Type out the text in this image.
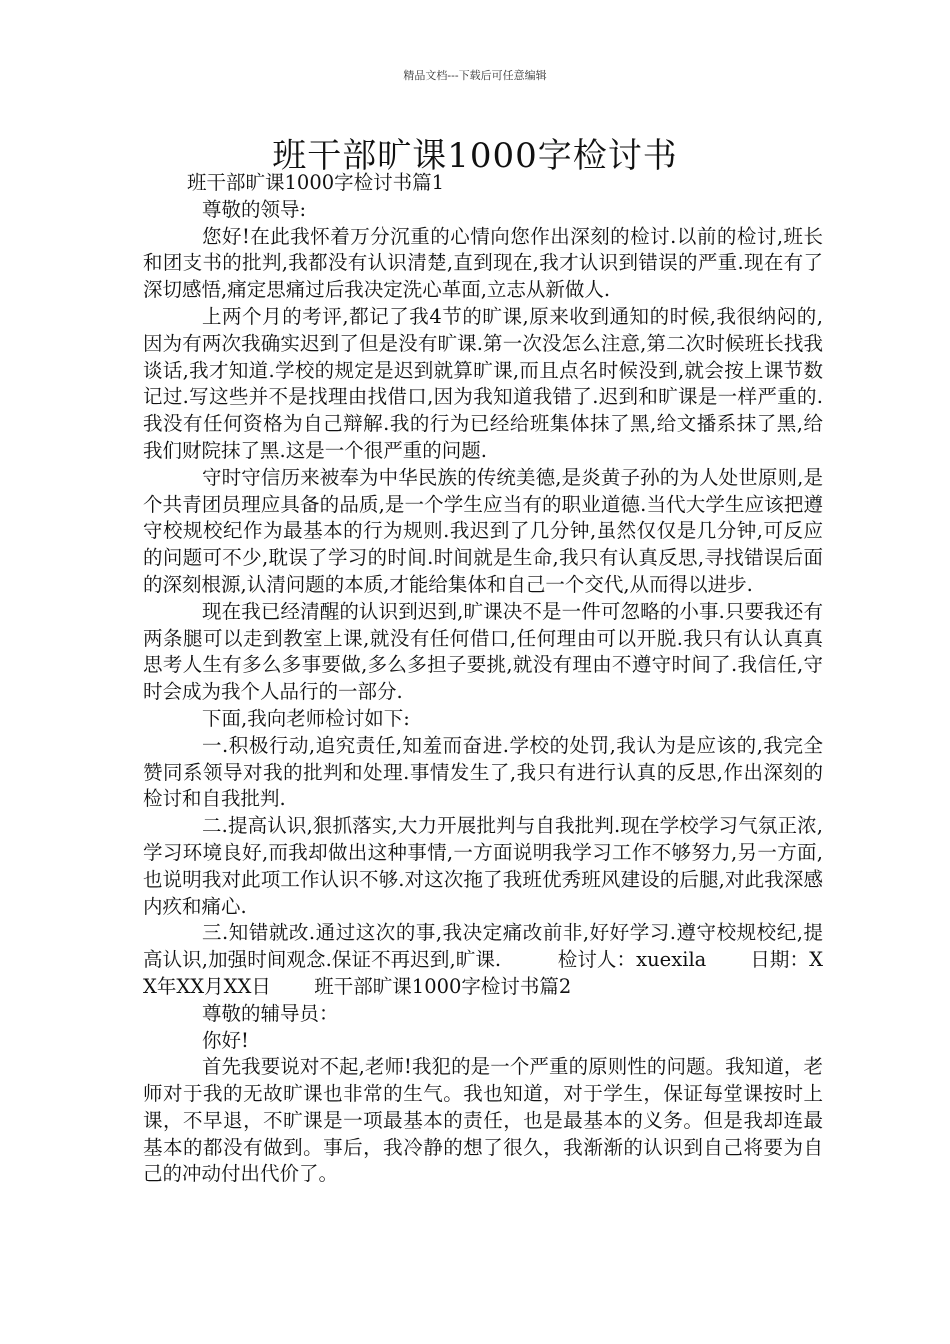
精品文档---下载后可任意编辑
班干部旷课1000字检讨书

班干部旷课1000字检讨书篇1

尊敬的领导:

您好!在此我怀着万分沉重的心情向您作出深刻的检讨.以前的检讨,班长和团支书的批判,我都没有认识清楚,直到现在,我才认识到错误的严重.现在有了深切感悟,痛定思痛过后我决定洗心革面,立志从新做人.

上两个月的考评,都记了我4节的旷课,原来收到通知的时候,我很纳闷的,因为有两次我确实迟到了但是没有旷课.第一次没怎么注意,第二次时候班长找我谈话,我才知道.学校的规定是迟到就算旷课,而且点名时候没到,就会按上课节数记过.写这些并不是找理由找借口,因为我知道我错了.迟到和旷课是一样严重的.我没有任何资格为自己辩解.我的行为已经给班集体抹了黑,给文播系抹了黑,给我们财院抹了黑.这是一个很严重的问题.

守时守信历来被奉为中华民族的传统美德,是炎黄子孙的为人处世原则,是个共青团员理应具备的品质,是一个学生应当有的职业道德.当代大学生应该把遵守校规校纪作为最基本的行为规则.我迟到了几分钟,虽然仅仅是几分钟,可反应的问题可不少,耽误了学习的时间.时间就是生命,我只有认真反思,寻找错误后面的深刻根源,认清问题的本质,才能给集体和自己一个交代,从而得以进步.

现在我已经清醒的认识到迟到,旷课决不是一件可忽略的小事.只要我还有两条腿可以走到教室上课,就没有任何借口,任何理由可以开脱.我只有认认真真思考人生有多么多事要做,多么多担子要挑,就没有理由不遵守时间了.我信任,守时会成为我个人品行的一部分.

下面,我向老师检讨如下:

一.积极行动,追究责任,知羞而奋进.学校的处罚,我认为是应该的,我完全赞同系领导对我的批判和处理.事情发生了,我只有进行认真的反思,作出深刻的检讨和自我批判.

二.提高认识,狠抓落实,大力开展批判与自我批判.现在学校学习气氛正浓,学习环境良好,而我却做出这种事情,一方面说明我学习工作不够努力,另一方面,也说明我对此项工作认识不够.对这次拖了我班优秀班风建设的后腿,对此我深感内疚和痛心.

三.知错就改.通过这次的事,我决定痛改前非,好好学习.遵守校规校纪,提高认识,加强时间观念.保证不再迟到,旷课.         检讨人：xuexila       日期：XX年XX月XX日       班干部旷课1000字检讨书篇2

尊敬的辅导员：

你好!

首先我要说对不起,老师!我犯的是一个严重的原则性的问题。我知道，老师对于我的无故旷课也非常的生气。我也知道，对于学生，保证每堂课按时上课，不早退，不旷课是一项最基本的责任，也是最基本的义务。但是我却连最基本的都没有做到。事后，我冷静的想了很久，我渐渐的认识到自己将要为自己的冲动付出代价了。
